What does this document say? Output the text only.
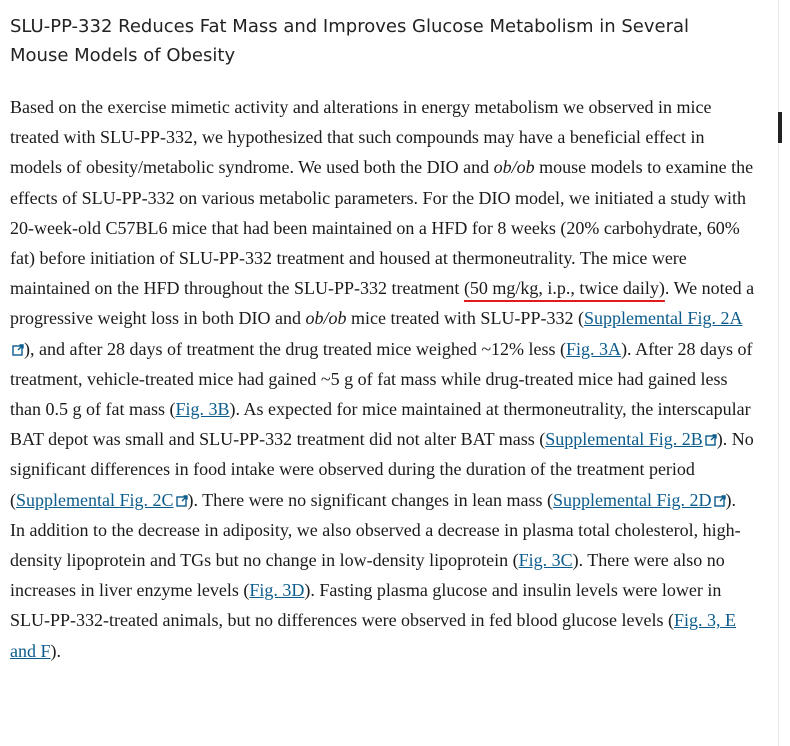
SLU-PP-332 Reduces Fat Mass and Improves Glucose Metabolism in Several Mouse Models of Obesity

Based on the exercise mimetic activity and alterations in energy metabolism we observed in mice treated with SLU-PP-332, we hypothesized that such compounds may have a beneficial effect in models of obesity/metabolic syndrome. We used both the DIO and ob/ob mouse models to examine the effects of SLU-PP-332 on various metabolic parameters. For the DIO model, we initiated a study with 20-week-old C57BL6 mice that had been maintained on a HFD for 8 weeks (20% carbohydrate, 60% fat) before initiation of SLU-PP-332 treatment and housed at thermoneutrality. The mice were maintained on the HFD throughout the SLU-PP-332 treatment (50 mg/kg, i.p., twice daily). We noted a progressive weight loss in both DIO and ob/ob mice treated with SLU-PP-332 (Supplemental Fig. 2A), and after 28 days of treatment the drug treated mice weighed ~12% less (Fig. 3A). After 28 days of treatment, vehicle-treated mice had gained ~5 g of fat mass while drug-treated mice had gained less than 0.5 g of fat mass (Fig. 3B). As expected for mice maintained at thermoneutrality, the interscapular BAT depot was small and SLU-PP-332 treatment did not alter BAT mass (Supplemental Fig. 2B ). No significant differences in food intake were observed during the duration of the treatment period (Supplemental Fig. 2C ). There were no significant changes in lean mass (Supplemental Fig. 2D ). In addition to the decrease in adiposity, we also observed a decrease in plasma total cholesterol, high-density lipoprotein and TGs but no change in low-density lipoprotein (Fig. 3C). There were also no increases in liver enzyme levels (Fig. 3D). Fasting plasma glucose and insulin levels were lower in SLU-PP-332-treated animals, but no differences were observed in fed blood glucose levels (Fig. 3, E and F).
